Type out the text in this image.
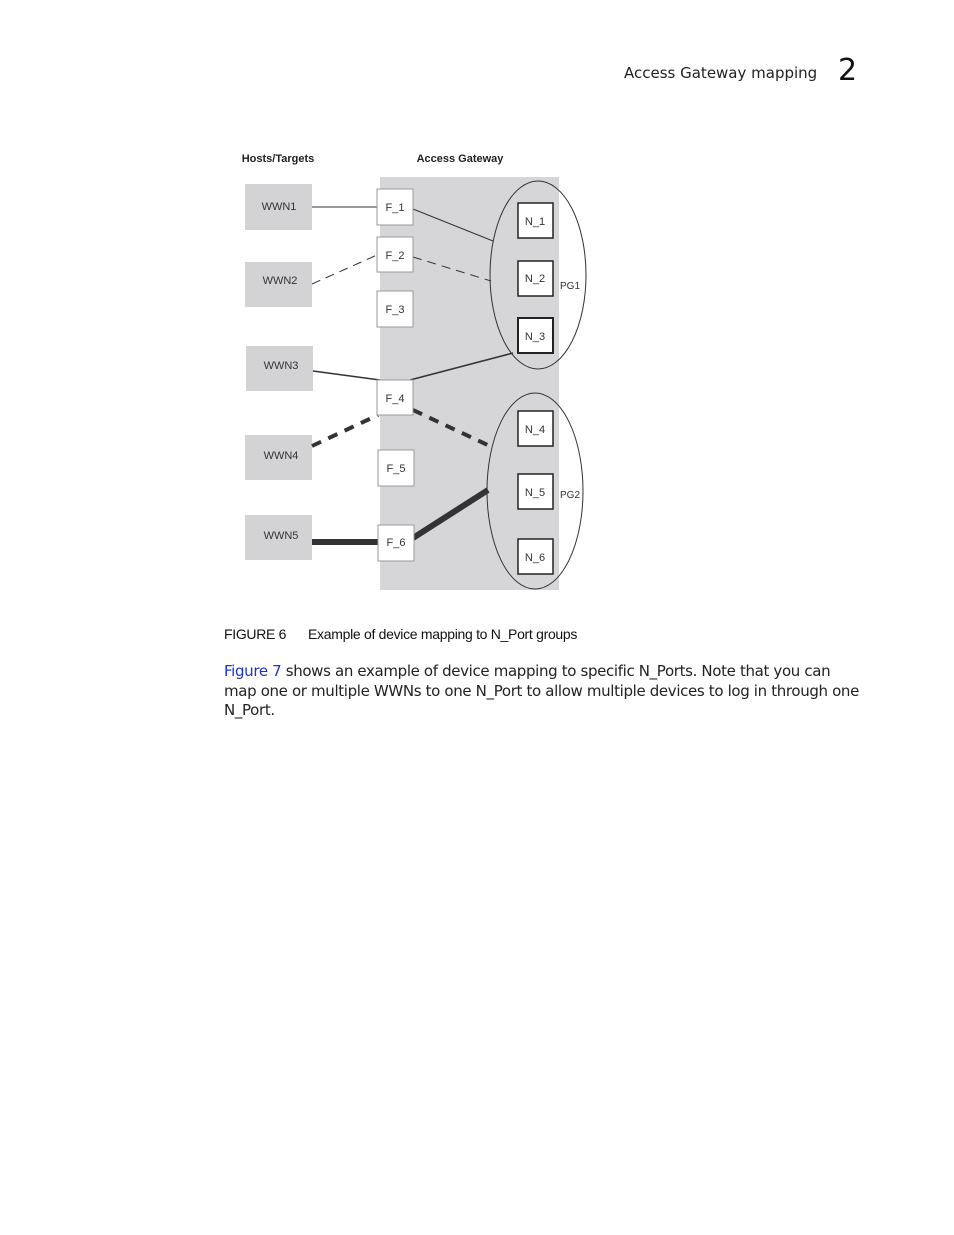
Access Gateway mapping 2
Hosts/Targets	Access Gateway
WWN1
WWN2
WWN3
WWN4
WWN5
PG1
PG2
F_1
F_2
F_3
F_4
F_5
F_6
N_1
N_2
N_3
N_4
N_5
N_6
FIGURE 6 Example of device mapping to N_Port groups
Figure 7 shows an example of device mapping to specific N_Ports. Note that you can map one or multiple WWNs to one N_Port to allow multiple devices to log in through one N_Port.
